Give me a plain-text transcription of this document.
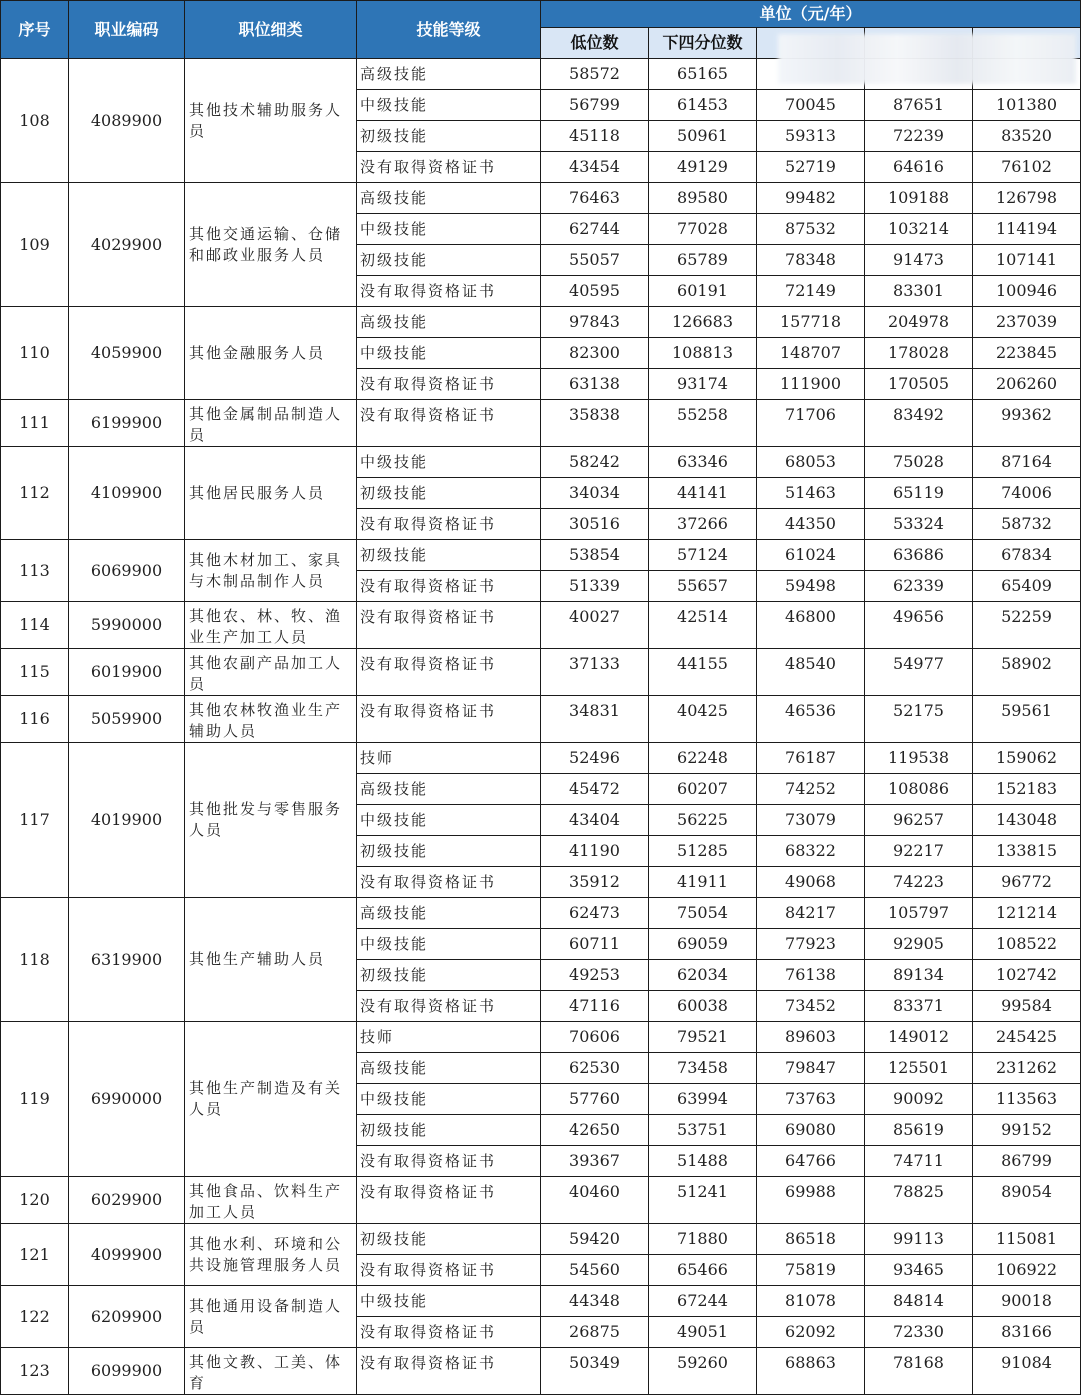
序号	职业编码	职位细类	技能等级	单位（元/年）				
				低位数	下四分位数			
108	4089900	其他技术辅助服务人员	高级技能	58572	65165			
			中级技能	56799	61453	70045	87651	101380
			初级技能	45118	50961	59313	72239	83520
			没有取得资格证书	43454	49129	52719	64616	76102
109	4029900	其他交通运输、仓储和邮政业服务人员	高级技能	76463	89580	99482	109188	126798
			中级技能	62744	77028	87532	103214	114194
			初级技能	55057	65789	78348	91473	107141
			没有取得资格证书	40595	60191	72149	83301	100946
110	4059900	其他金融服务人员	高级技能	97843	126683	157718	204978	237039
			中级技能	82300	108813	148707	178028	223845
			没有取得资格证书	63138	93174	111900	170505	206260
111	6199900	其他金属制品制造人员	没有取得资格证书	35838	55258	71706	83492	99362
112	4109900	其他居民服务人员	中级技能	58242	63346	68053	75028	87164
			初级技能	34034	44141	51463	65119	74006
			没有取得资格证书	30516	37266	44350	53324	58732
113	6069900	其他木材加工、家具与木制品制作人员	初级技能	53854	57124	61024	63686	67834
			没有取得资格证书	51339	55657	59498	62339	65409
114	5990000	其他农、林、牧、渔业生产加工人员	没有取得资格证书	40027	42514	46800	49656	52259
115	6019900	其他农副产品加工人员	没有取得资格证书	37133	44155	48540	54977	58902
116	5059900	其他农林牧渔业生产辅助人员	没有取得资格证书	34831	40425	46536	52175	59561
117	4019900	其他批发与零售服务人员	技师	52496	62248	76187	119538	159062
			高级技能	45472	60207	74252	108086	152183
			中级技能	43404	56225	73079	96257	143048
			初级技能	41190	51285	68322	92217	133815
			没有取得资格证书	35912	41911	49068	74223	96772
118	6319900	其他生产辅助人员	高级技能	62473	75054	84217	105797	121214
			中级技能	60711	69059	77923	92905	108522
			初级技能	49253	62034	76138	89134	102742
			没有取得资格证书	47116	60038	73452	83371	99584
119	6990000	其他生产制造及有关人员	技师	70606	79521	89603	149012	245425
			高级技能	62530	73458	79847	125501	231262
			中级技能	57760	63994	73763	90092	113563
			初级技能	42650	53751	69080	85619	99152
			没有取得资格证书	39367	51488	64766	74711	86799
120	6029900	其他食品、饮料生产加工人员	没有取得资格证书	40460	51241	69988	78825	89054
121	4099900	其他水利、环境和公共设施管理服务人员	初级技能	59420	71880	86518	99113	115081
			没有取得资格证书	54560	65466	75819	93465	106922
122	6209900	其他通用设备制造人员	中级技能	44348	67244	81078	84814	90018
			没有取得资格证书	26875	49051	62092	72330	83166
123	6099900	其他文教、工美、体育	没有取得资格证书	50349	59260	68863	78168	91084
